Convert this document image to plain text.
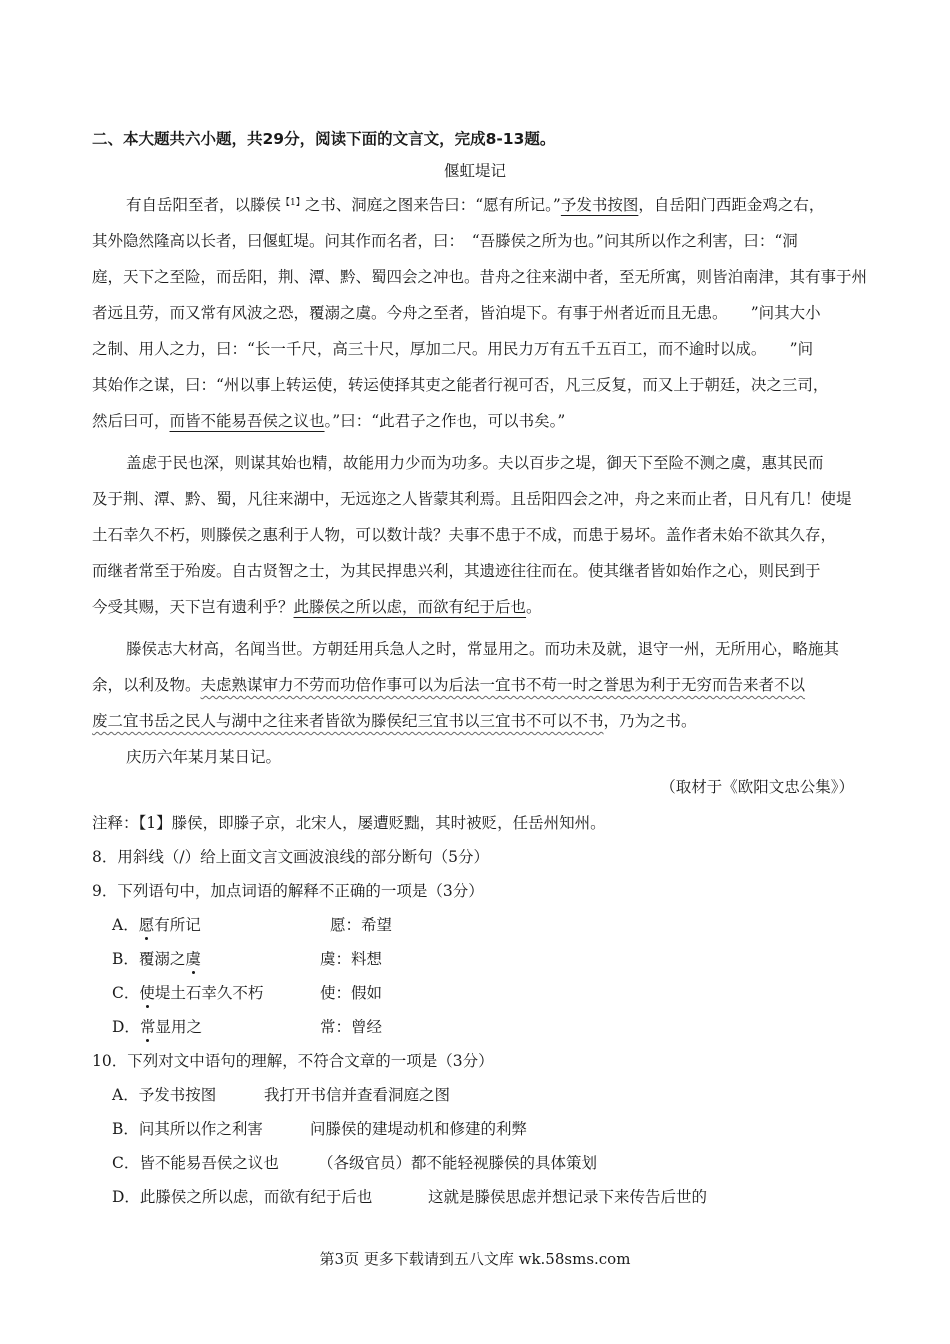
二、本大题共六小题，共29分，阅读下面的文言文，完成8-13题。
偃虹堤记
有自岳阳至者，以滕侯$^{【1】}$之书、洞庭之图来告曰：“愿有所记。”予发书按图，自岳阳门西距金鸡之右，
其外隐然隆高以长者，曰偃虹堤。问其作而名者，曰：　“吾滕侯之所为也。”问其所以作之利害，曰：“洞
庭，天下之至险，而岳阳，荆、潭、黔、蜀四会之冲也。昔舟之往来湖中者，至无所寓，则皆泊南津，其有事于州
者远且劳，而又常有风波之恐，覆溺之虞。今舟之至者，皆泊堤下。有事于州者近而且无患。　　”问其大小
之制、用人之力，曰：“长一千尺，高三十尺，厚加二尺。用民力万有五千五百工，而不逾时以成。　　”问
其始作之谋，曰：“州以事上转运使，转运使择其吏之能者行视可否，凡三反复，而又上于朝廷，决之三司，
然后曰可，而皆不能易吾侯之议也。”曰：“此君子之作也，可以书矣。”
盖虑于民也深，则谋其始也精，故能用力少而为功多。夫以百步之堤，御天下至险不测之虞，惠其民而
及于荆、潭、黔、蜀，凡往来湖中，无远迩之人皆蒙其利焉。且岳阳四会之冲，舟之来而止者，日凡有几！使堤
土石幸久不朽，则滕侯之惠利于人物，可以数计哉？夫事不患于不成，而患于易坏。盖作者未始不欲其久存，
而继者常至于殆废。自古贤智之士，为其民捍患兴利，其遗迹往往而在。使其继者皆如始作之心，则民到于
今受其赐，天下岂有遗利乎？此滕侯之所以虑，而欲有纪于后也。
滕侯志大材高，名闻当世。方朝廷用兵急人之时，常显用之。而功未及就，退守一州，无所用心，略施其
余，以利及物。夫虑熟谋审力不劳而功倍作事可以为后法一宜书不苟一时之誉思为利于无穷而告来者不以
废二宜书岳之民人与湖中之往来者皆欲为滕侯纪三宜书以三宜书不可以不书，乃为之书。
庆历六年某月某日记。
（取材于《欧阳文忠公集》）
注释：【1】滕侯，即滕子京，北宋人，屡遭贬黜，其时被贬，任岳州知州。
8．用斜线（/）给上面文言文画波浪线的部分断句（5分）
9．下列语句中，加点词语的解释不正确的一项是（3分）
A．愿有所记	愿：希望
B．覆溺之虞	虞：料想
C．使堤土石幸久不朽	使：假如
D．常显用之	常：曾经
10．下列对文中语句的理解，不符合文章的一项是（3分）
A．予发书按图	我打开书信并查看洞庭之图
B．问其所以作之利害	问滕侯的建堤动机和修建的利弊
C．皆不能易吾侯之议也	（各级官员）都不能轻视滕侯的具体策划
D．此滕侯之所以虑，而欲有纪于后也	这就是滕侯思虑并想记录下来传告后世的
第3页 更多下载请到五八文库 wk.58sms.com
